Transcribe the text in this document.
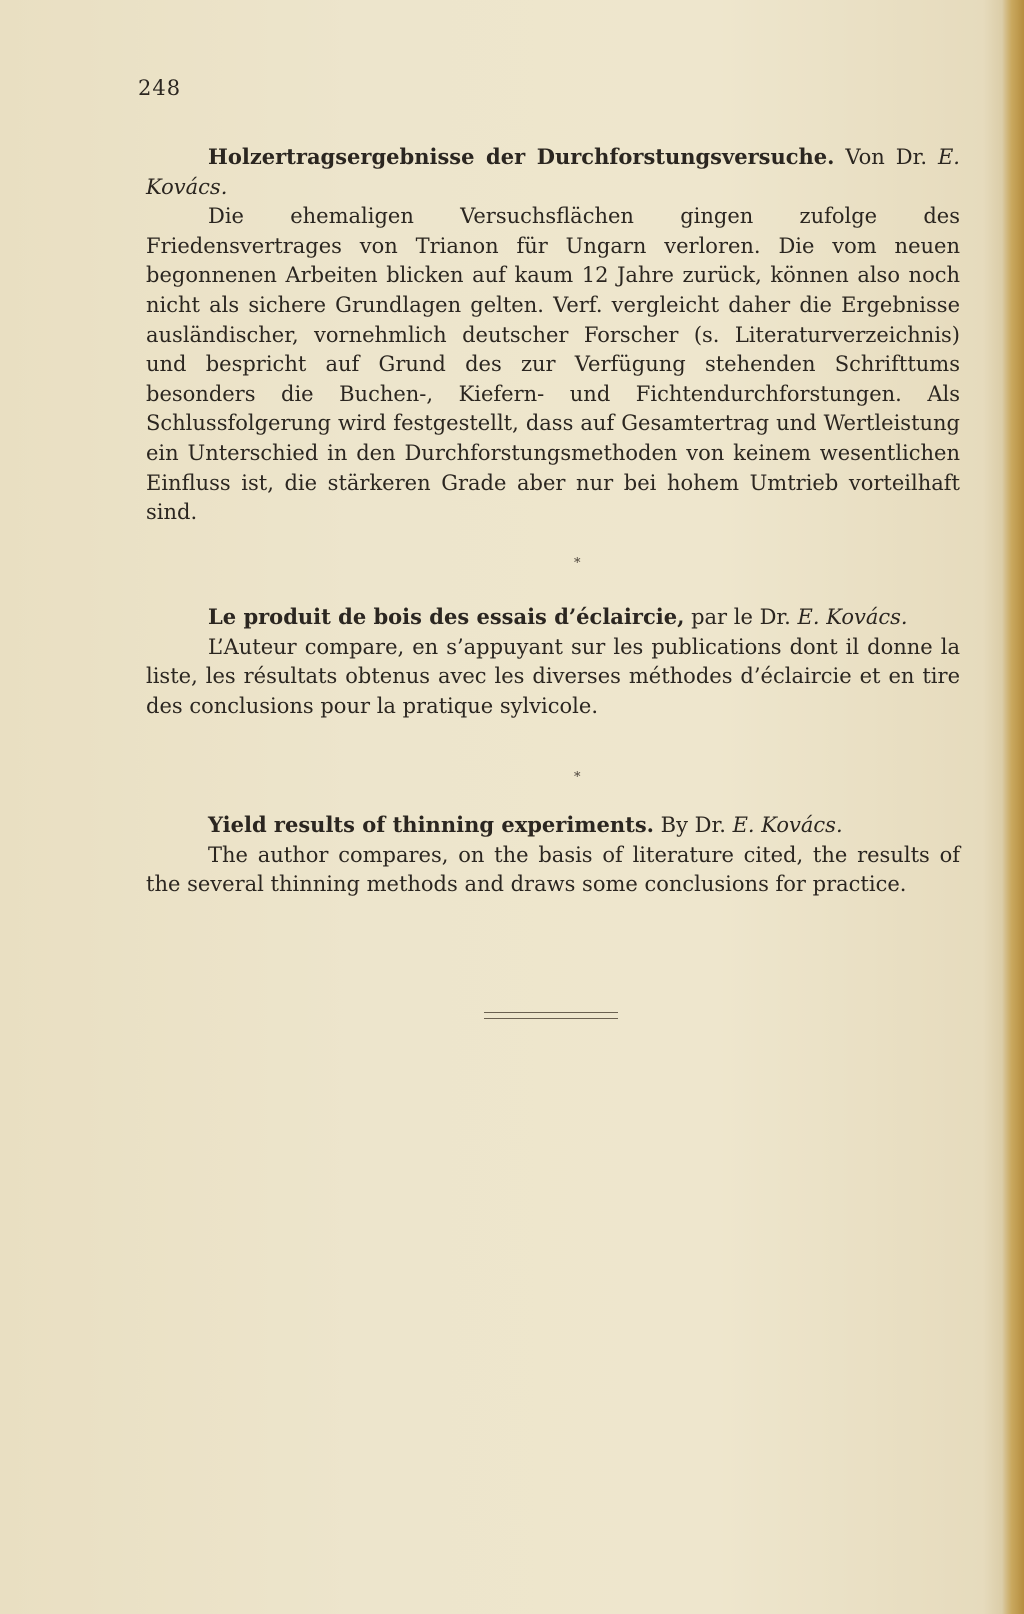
248
Holzertragsergebnisse der Durchforstungsversuche. Von Dr. E. Kovács.
Die ehemaligen Versuchsflächen gingen zufolge des Friedensvertrages von Trianon für Ungarn verloren. Die vom neuen begonnenen Arbeiten blicken auf kaum 12 Jahre zurück, können also noch nicht als sichere Grundlagen gelten. Verf. vergleicht daher die Ergebnisse ausländischer, vornehmlich deutscher Forscher (s. Literaturverzeichnis) und bespricht auf Grund des zur Verfügung stehenden Schrifttums besonders die Buchen-, Kiefern- und Fichtendurchforstungen. Als Schlussfolgerung wird festgestellt, dass auf Gesamtertrag und Wertleistung ein Unterschied in den Durchforstungsmethoden von keinem wesentlichen Einfluss ist, die stärkeren Grade aber nur bei hohem Umtrieb vorteilhaft sind.
*
Le produit de bois des essais d’éclaircie, par le Dr. E. Kovács.
L’Auteur compare, en s’appuyant sur les publications dont il donne la liste, les résultats obtenus avec les diverses méthodes d’éclaircie et en tire des conclusions pour la pratique sylvicole.
*
Yield results of thinning experiments. By Dr. E. Kovács.
The author compares, on the basis of literature cited, the results of the several thinning methods and draws some conclusions for practice.
